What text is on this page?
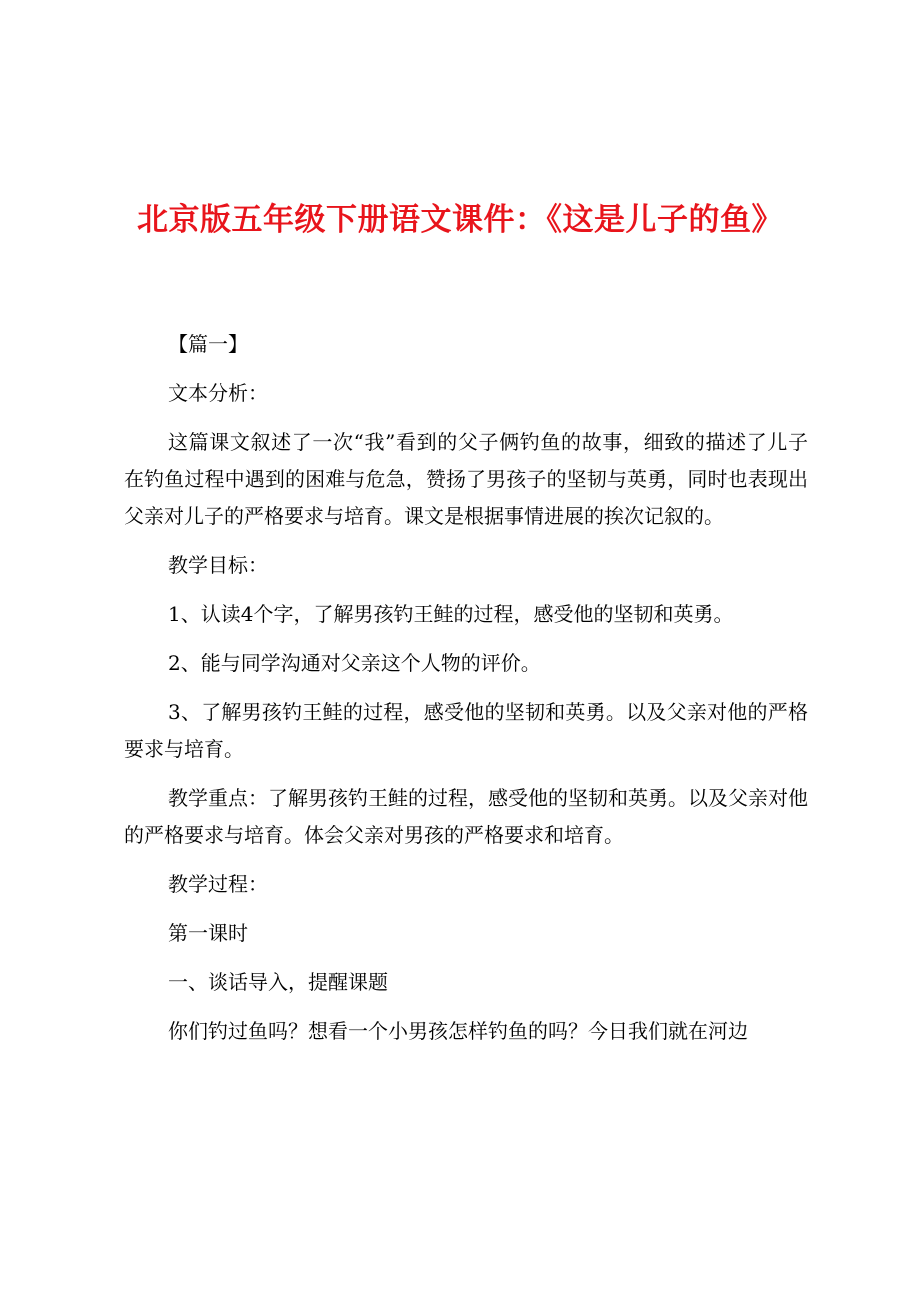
北京版五年级下册语文课件：《这是儿子的鱼》

【篇一】

文本分析：

这篇课文叙述了一次“我”看到的父子俩钓鱼的故事，细致的描述了儿子在钓鱼过程中遇到的困难与危急，赞扬了男孩子的坚韧与英勇，同时也表现出父亲对儿子的严格要求与培育。课文是根据事情进展的挨次记叙的。

教学目标：

1、认读4个字，了解男孩钓王鲑的过程，感受他的坚韧和英勇。

2、能与同学沟通对父亲这个人物的评价。

3、了解男孩钓王鲑的过程，感受他的坚韧和英勇。以及父亲对他的严格要求与培育。

教学重点：了解男孩钓王鲑的过程，感受他的坚韧和英勇。以及父亲对他的严格要求与培育。体会父亲对男孩的严格要求和培育。

教学过程：

第一课时

一、谈话导入，提醒课题

你们钓过鱼吗？想看一个小男孩怎样钓鱼的吗？今日我们就在河边
